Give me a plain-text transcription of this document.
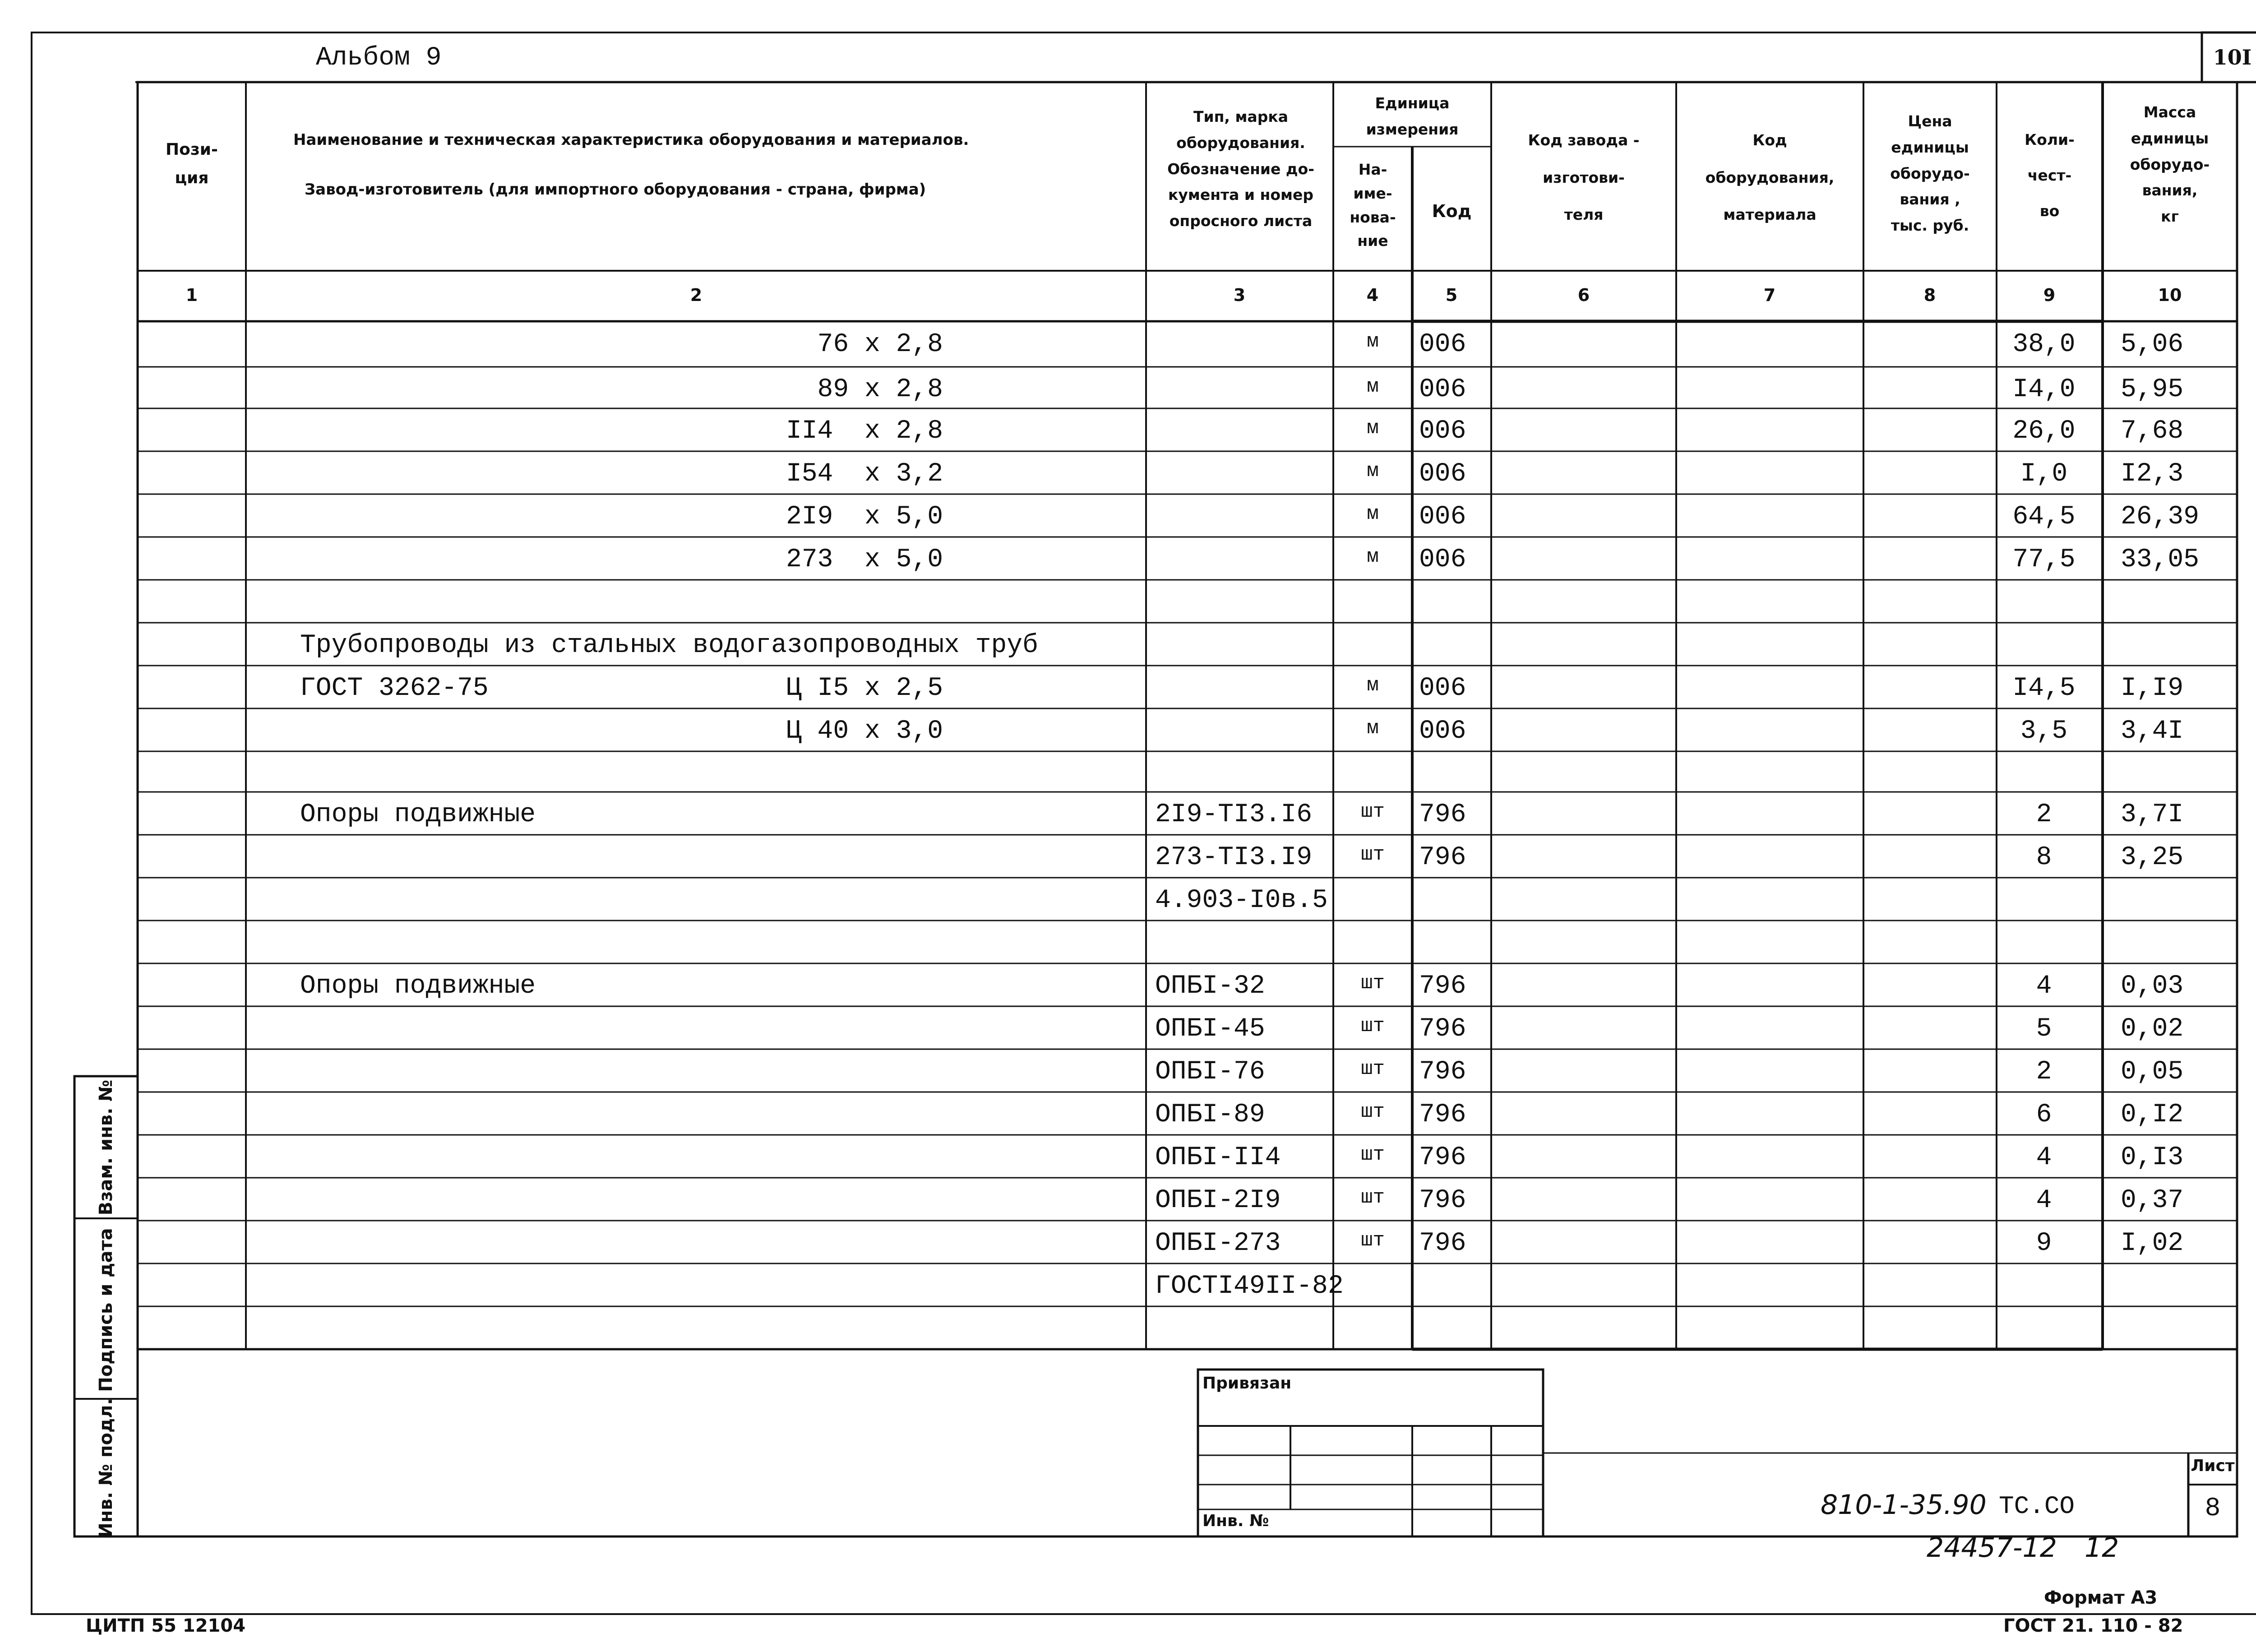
Альбом 9	10I
Пози-
ция
Наименование и техническая характеристика оборудования и материалов.
Завод-изготовитель (для импортного оборудования - страна, фирма)
Тип, марка
оборудования.
Обозначение до-
кумента и номер
опросного листа
Единица
измерения
На-
име-
нова-
ние
Код
Код завода -
изготови-
теля
Код
оборудования,
материала
Цена
единицы
оборудо-
вания ,
тыс. руб.
Коли-
чест-
во
Масса
единицы
оборудо-
вания,
кг
1	2	3	4	5	6	7	8	9	10
76 x 2,8	м	006	38,0	5,06
89 x 2,8	м	006	I4,0	5,95
II4  x 2,8	м	006	26,0	7,68
I54  x 3,2	м	006	I,0	I2,3
2I9  x 5,0	м	006	64,5	26,39
273  x 5,0	м	006	77,5	33,05
Трубопроводы из стальных водогазопроводных труб
ГОСТ 3262-75	Ц I5 x 2,5	м	006	I4,5	I,I9
Ц 40 x 3,0	м	006	3,5	3,4I
Опоры подвижные	2I9-TI3.I6	шт	796	2	3,7I
273-TI3.I9	шт	796	8	3,25
4.903-I0в.5
Опоры подвижные	ОПБI-32	шт	796	4	0,03
ОПБI-45	шт	796	5	0,02
ОПБI-76	шт	796	2	0,05
ОПБI-89	шт	796	6	0,I2
ОПБI-II4	шт	796	4	0,I3
ОПБI-2I9	шт	796	4	0,37
ОПБI-273	шт	796	9	I,02
ГОСТI49II-82
Взам. инв. №
Подпись и дата
Инв. № подл.
Привязан
Инв. №
810-1-35.90 ТС.СО
Лист
8
24457-12 12
ЦИТП 55 12104
Формат А3
ГОСТ 21. 110 - 82
